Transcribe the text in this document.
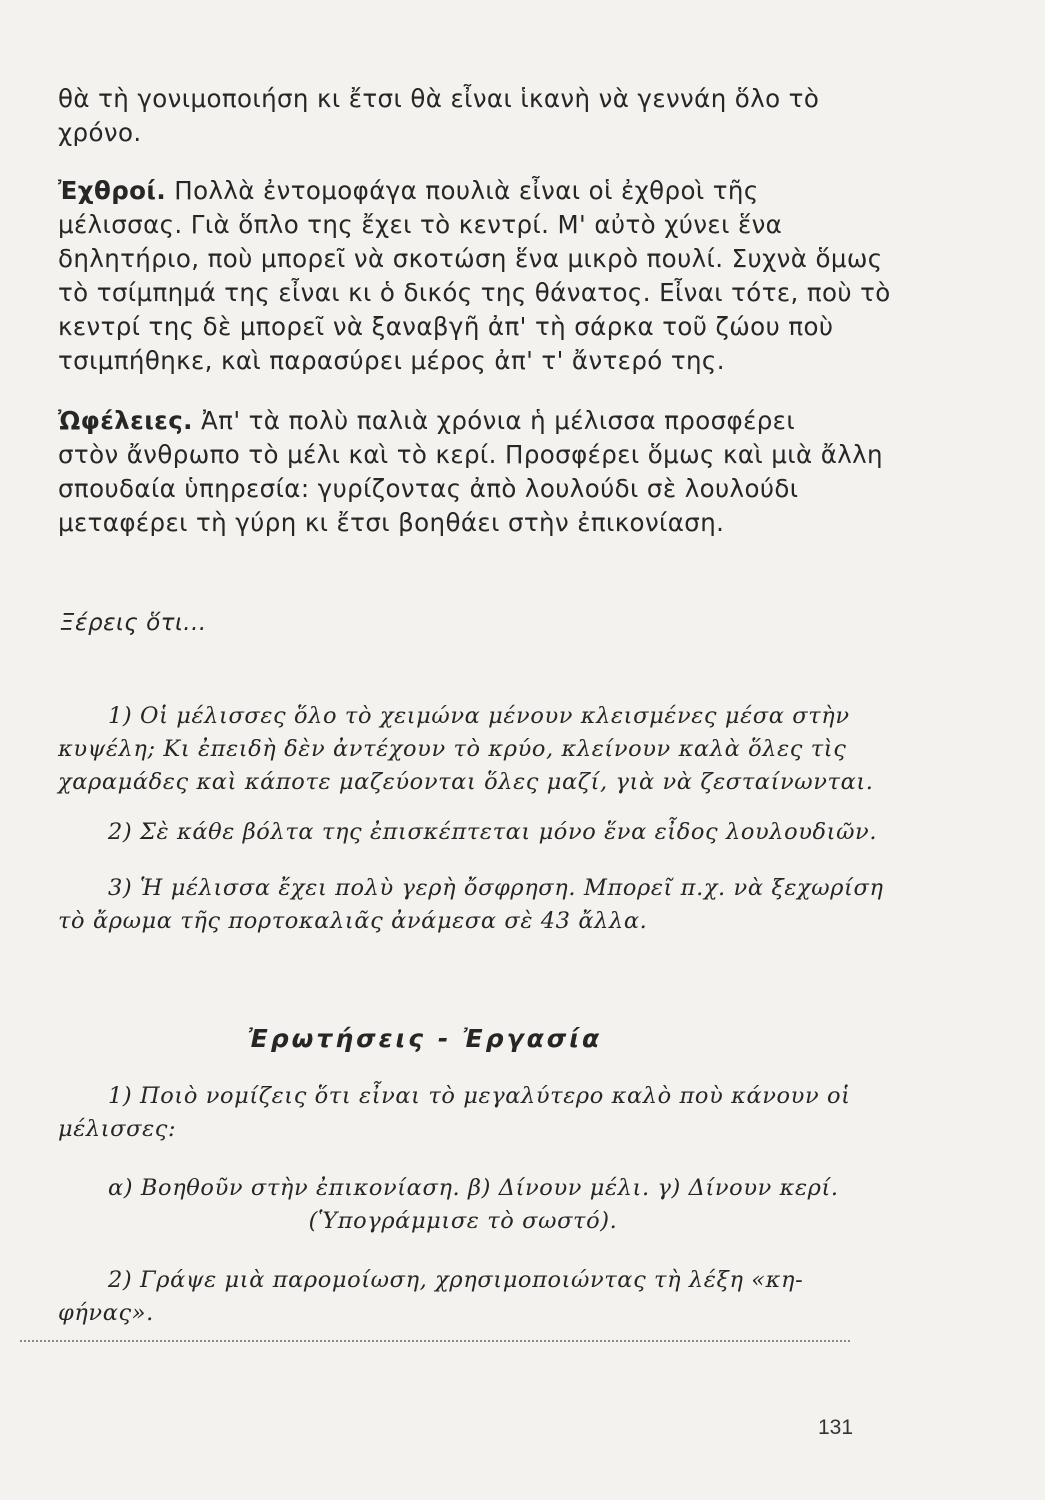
θὰ τὴ γονιμοποιήση κι ἔτσι θὰ εἶναι ἱκανὴ νὰ γεννάη ὅλο τὸ
χρόνο.

Ἐχθροί. Πολλὰ ἐντομοφάγα πουλιὰ εἶναι οἱ ἐχθροὶ τῆς
μέλισσας. Γιὰ ὅπλο της ἔχει τὸ κεντρί. Μ' αὐτὸ χύνει ἕνα
δηλητήριο, ποὺ μπορεῖ νὰ σκοτώση ἕνα μικρὸ πουλί. Συχνὰ ὅμως
τὸ τσίμπημά της εἶναι κι ὁ δικός της θάνατος. Εἶναι τότε, ποὺ τὸ
κεντρί της δὲ μπορεῖ νὰ ξαναβγῆ ἀπ' τὴ σάρκα τοῦ ζώου ποὺ
τσιμπήθηκε, καὶ παρασύρει μέρος ἀπ' τ' ἄντερό της.

Ὠφέλειες. Ἀπ' τὰ πολὺ παλιὰ χρόνια ἡ μέλισσα προσφέρει
στὸν ἄνθρωπο τὸ μέλι καὶ τὸ κερί. Προσφέρει ὅμως καὶ μιὰ ἄλλη
σπουδαία ὑπηρεσία: γυρίζοντας ἀπὸ λουλούδι σὲ λουλούδι
μεταφέρει τὴ γύρη κι ἔτσι βοηθάει στὴν ἐπικονίαση.

Ξέρεις ὅτι...

1) Οἱ μέλισσες ὅλο τὸ χειμώνα μένουν κλεισμένες μέσα στὴν
κυψέλη; Κι ἐπειδὴ δὲν ἀντέχουν τὸ κρύο, κλείνουν καλὰ ὅλες τὶς
χαραμάδες καὶ κάποτε μαζεύονται ὅλες μαζί, γιὰ νὰ ζεσταίνωνται.

2) Σὲ κάθε βόλτα της ἐπισκέπτεται μόνο ἕνα εἶδος λουλουδιῶν.

3) Ἡ μέλισσα ἔχει πολὺ γερὴ ὄσφρηση. Μπορεῖ π.χ. νὰ ξεχωρίση
τὸ ἄρωμα τῆς πορτοκαλιᾶς ἀνάμεσα σὲ 43 ἄλλα.

Ἐρωτήσεις - Ἐργασία

1) Ποιὸ νομίζεις ὅτι εἶναι τὸ μεγαλύτερο καλὸ ποὺ κάνουν οἱ
μέλισσες:

α) Βοηθοῦν στὴν ἐπικονίαση. β) Δίνουν μέλι. γ) Δίνουν κερί.
(Ὑπογράμμισε τὸ σωστό).

2) Γράψε μιὰ παρομοίωση, χρησιμοποιώντας τὴ λέξη «κη-
φήνας».

131
